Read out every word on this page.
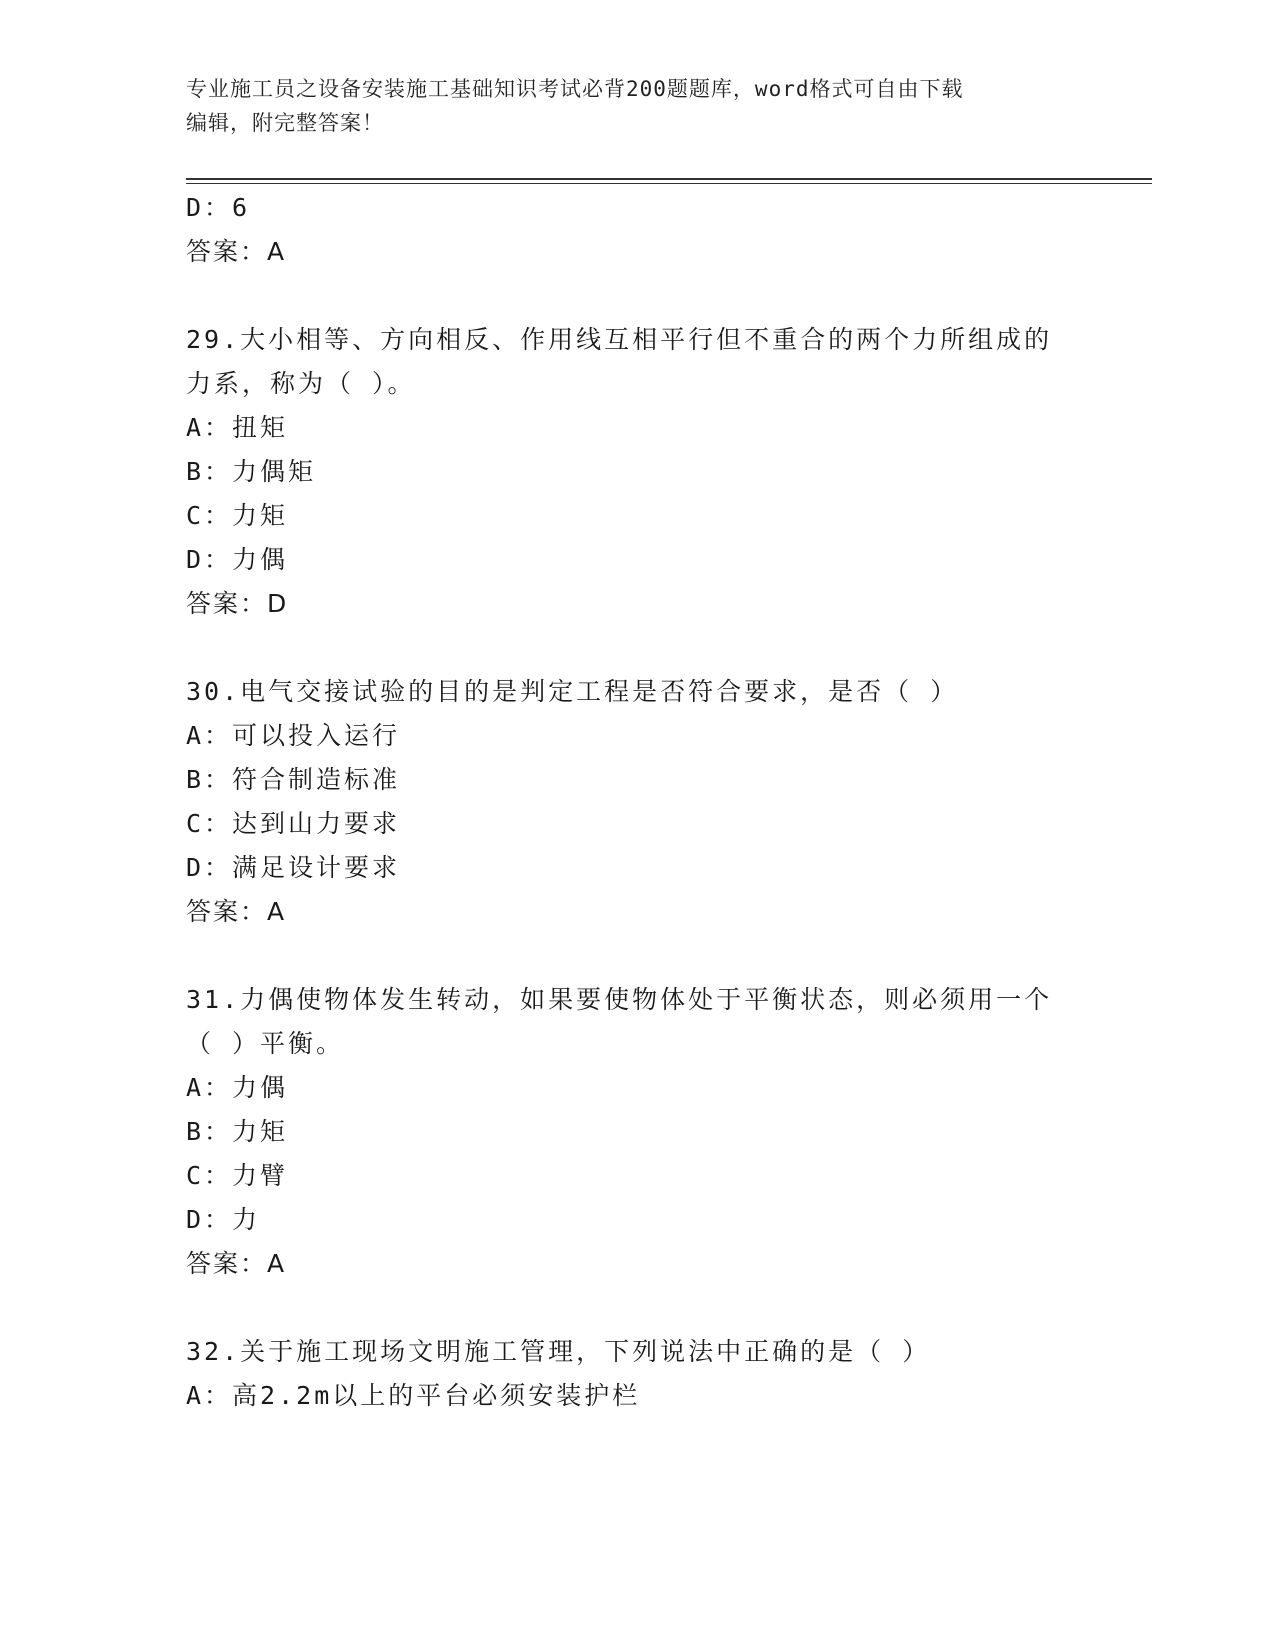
专业施工员之设备安装施工基础知识考试必背200题题库，word格式可自由下载
编辑，附完整答案！
D：6
答案：A
29.大小相等、方向相反、作用线互相平行但不重合的两个力所组成的
力系，称为（ ）。
A：扭矩
B：力偶矩
C：力矩
D：力偶
答案：D
30.电气交接试验的目的是判定工程是否符合要求，是否（ ）
A：可以投入运行
B：符合制造标准
C：达到山力要求
D：满足设计要求
答案：A
31.力偶使物体发生转动，如果要使物体处于平衡状态，则必须用一个
（ ）平衡。
A：力偶
B：力矩
C：力臂
D：力
答案：A
32.关于施工现场文明施工管理，下列说法中正确的是（ ）
A：高2.2m以上的平台必须安装护栏
